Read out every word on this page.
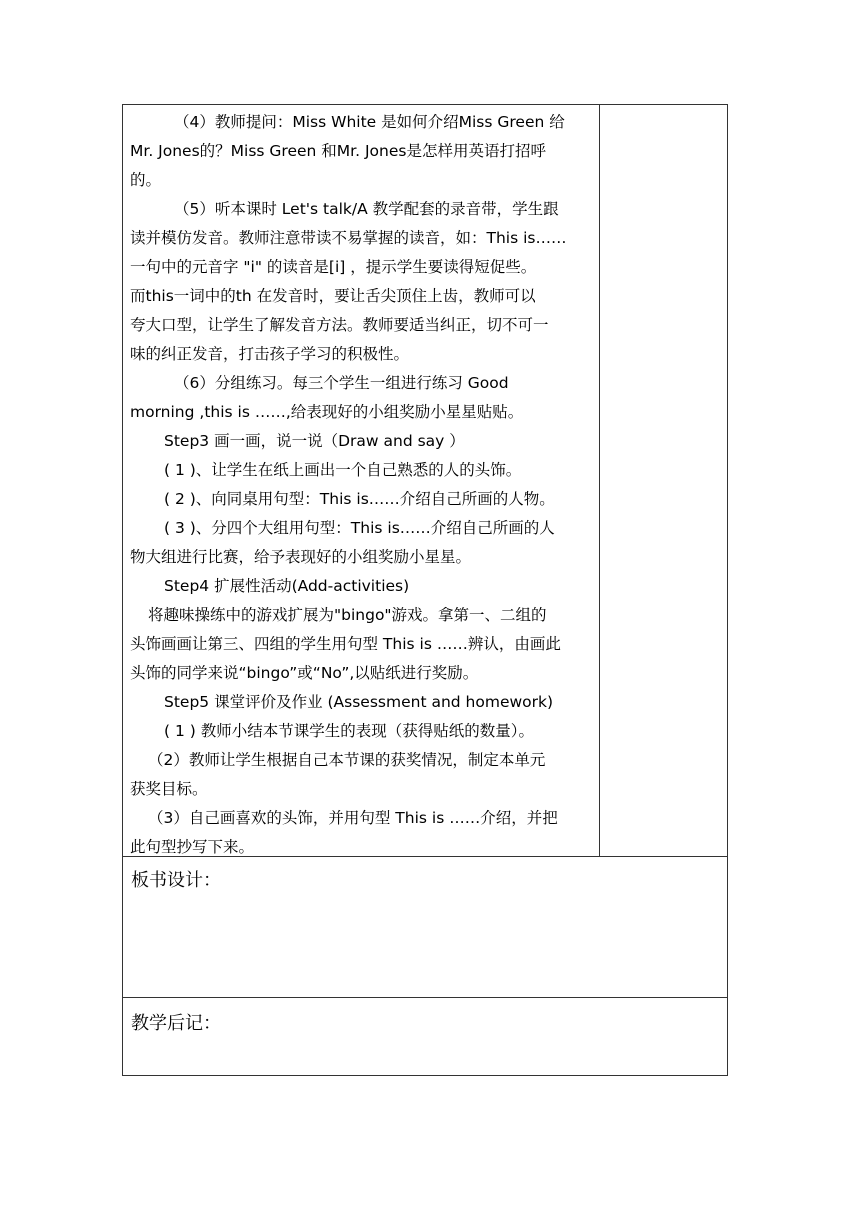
（4）教师提问：Miss White 是如何介绍Miss Green 给
Mr. Jones的？Miss Green 和Mr. Jones是怎样用英语打招呼
的。
（5）听本课时 Let's talk/A 教学配套的录音带，学生跟
读并模仿发音。教师注意带读不易掌握的读音，如：This is……
一句中的元音字 "i" 的读音是[i] ，提示学生要读得短促些。
而this一词中的th 在发音时，要让舌尖顶住上齿，教师可以
夸大口型，让学生了解发音方法。教师要适当纠正，切不可一
味的纠正发音，打击孩子学习的积极性。
（6）分组练习。每三个学生一组进行练习 Good
morning ,this is ……,给表现好的小组奖励小星星贴贴。
Step3 画一画，说一说（Draw and say ）
( 1 )、让学生在纸上画出一个自己熟悉的人的头饰。
( 2 )、向同桌用句型：This is……介绍自己所画的人物。
( 3 )、分四个大组用句型：This is……介绍自己所画的人
物大组进行比赛，给予表现好的小组奖励小星星。
Step4 扩展性活动(Add-activities)
将趣味操练中的游戏扩展为"bingo"游戏。拿第一、二组的
头饰画画让第三、四组的学生用句型 This is ……辨认，由画此
头饰的同学来说“bingo”或“No”,以贴纸进行奖励。
Step5 课堂评价及作业 (Assessment and homework)
( 1 ) 教师小结本节课学生的表现（获得贴纸的数量）。
（2）教师让学生根据自己本节课的获奖情况，制定本单元
获奖目标。
（3）自己画喜欢的头饰，并用句型 This is ……介绍，并把
此句型抄写下来。
板书设计：
教学后记：
